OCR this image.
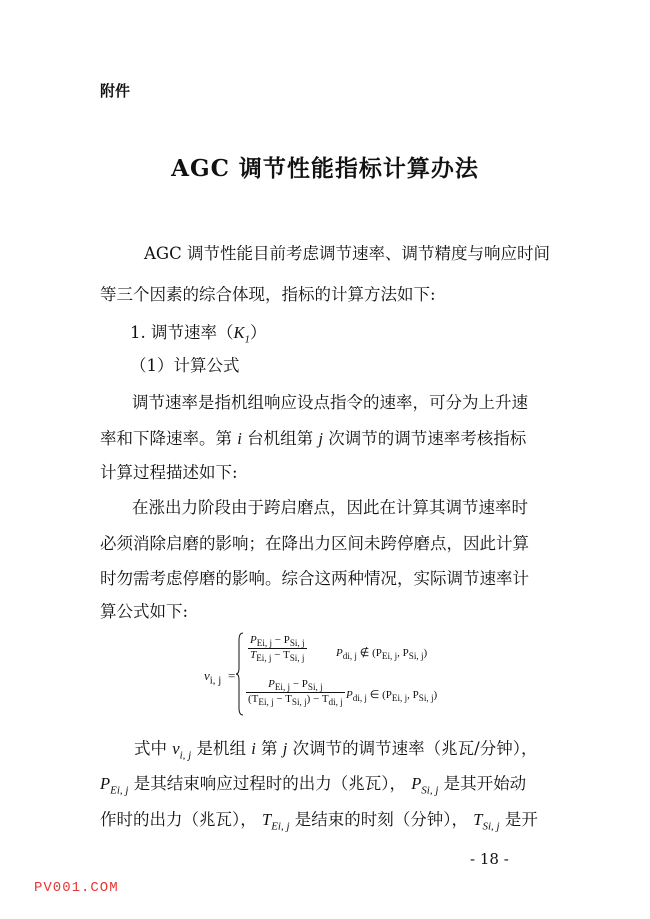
附件
AGC 调节性能指标计算办法
AGC 调节性能目前考虑调节速率、调节精度与响应时间
等三个因素的综合体现，指标的计算方法如下:
1. 调节速率$(K_1)$
（1）计算公式
调节速率是指机组响应设点指令的速率，可分为上升速
率和下降速率。第 i 台机组第 j 次调节的调节速率考核指标
计算过程描述如下:
在涨出力阶段由于跨启磨点，因此在计算其调节速率时
必须消除启磨的影响；在降出力区间未跨停磨点，因此计算
时勿需考虑停磨的影响。综合这两种情况，实际调节速率计
算公式如下:
$v_{i, j}$ =
$P_{Ei, j} - P_{Si, j}$
$T_{Ei, j} - T_{Si, j}$	$P_{di, j}$ ∉ ($P_{Ei, j}$, $P_{Si, j}$)
$P_{Ei, j} - P_{Si, j}$
$(T_{Ei, j} - T_{Si, j}) - T_{di, j}$
$P_{di, j}$ ∈ ($P_{Ei, j}$, $P_{Si, j}$)
式中 $v_{i, j}$ 是机组 i 第 j 次调节的调节速率（兆瓦/分钟），
$P_{Ei, j}$ 是其结束响应过程时的出力（兆瓦）， $P_{Si, j}$ 是其开始动
作时的出力（兆瓦）， $T_{Ei, j}$ 是结束的时刻（分钟）， $T_{Si, j}$ 是开
- 18 -
PV001.COM
